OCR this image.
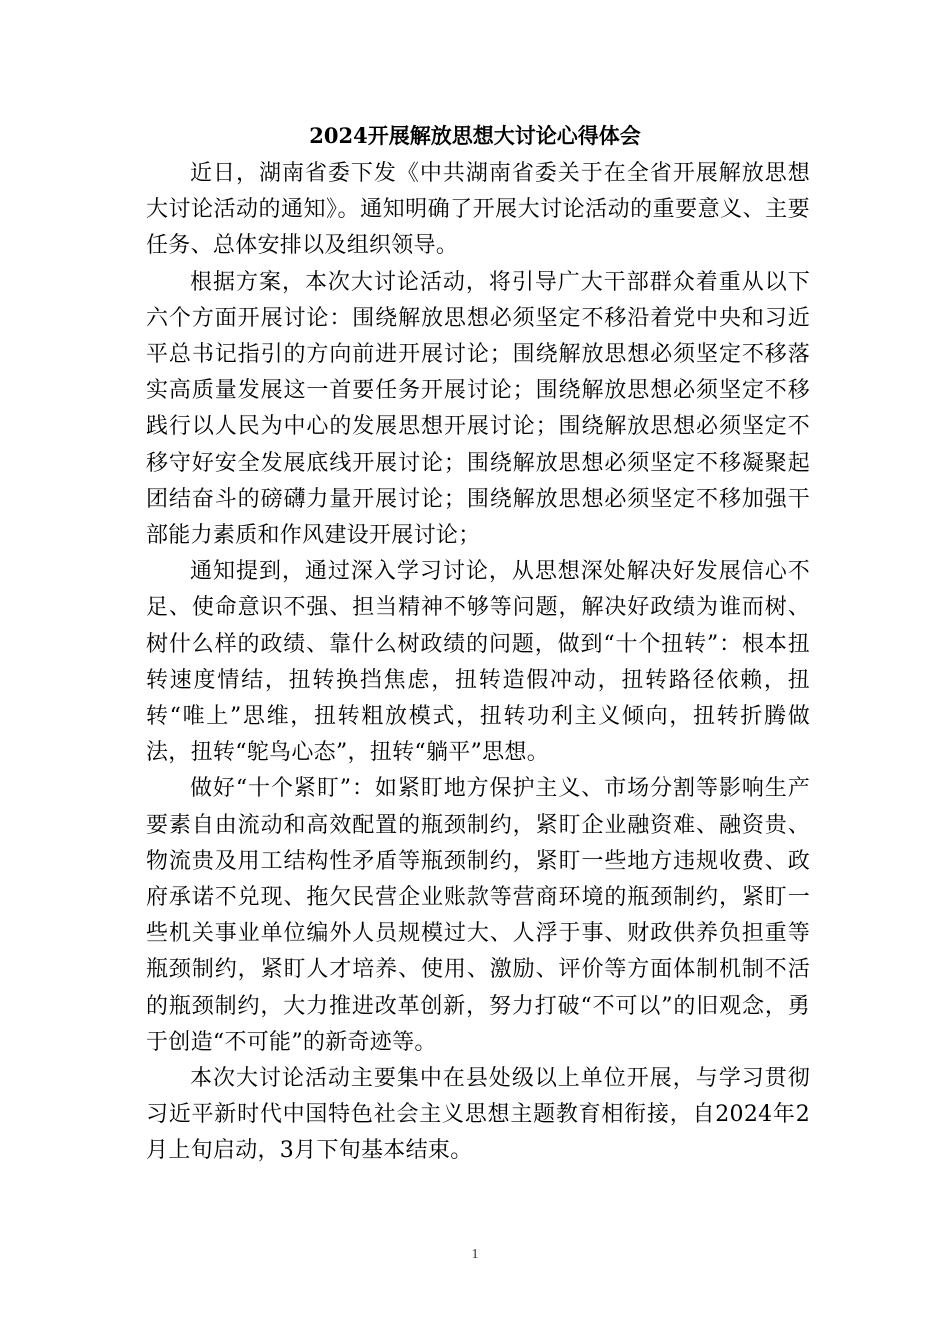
2024开展解放思想大讨论心得体会

近日，湖南省委下发《中共湖南省委关于在全省开展解放思想大讨论活动的通知》。通知明确了开展大讨论活动的重要意义、主要任务、总体安排以及组织领导。

根据方案，本次大讨论活动，将引导广大干部群众着重从以下六个方面开展讨论：围绕解放思想必须坚定不移沿着党中央和习近平总书记指引的方向前进开展讨论；围绕解放思想必须坚定不移落实高质量发展这一首要任务开展讨论；围绕解放思想必须坚定不移践行以人民为中心的发展思想开展讨论；围绕解放思想必须坚定不移守好安全发展底线开展讨论；围绕解放思想必须坚定不移凝聚起团结奋斗的磅礴力量开展讨论；围绕解放思想必须坚定不移加强干部能力素质和作风建设开展讨论；

通知提到，通过深入学习讨论，从思想深处解决好发展信心不足、使命意识不强、担当精神不够等问题，解决好政绩为谁而树、树什么样的政绩、靠什么树政绩的问题，做到“十个扭转”：根本扭转速度情结，扭转换挡焦虑，扭转造假冲动，扭转路径依赖，扭转“唯上”思维，扭转粗放模式，扭转功利主义倾向，扭转折腾做法，扭转“鸵鸟心态”，扭转“躺平”思想。

做好“十个紧盯”：如紧盯地方保护主义、市场分割等影响生产要素自由流动和高效配置的瓶颈制约，紧盯企业融资难、融资贵、物流贵及用工结构性矛盾等瓶颈制约，紧盯一些地方违规收费、政府承诺不兑现、拖欠民营企业账款等营商环境的瓶颈制约，紧盯一些机关事业单位编外人员规模过大、人浮于事、财政供养负担重等瓶颈制约，紧盯人才培养、使用、激励、评价等方面体制机制不活的瓶颈制约，大力推进改革创新，努力打破“不可以”的旧观念，勇于创造“不可能”的新奇迹等。

本次大讨论活动主要集中在县处级以上单位开展，与学习贯彻习近平新时代中国特色社会主义思想主题教育相衔接，自2024年2月上旬启动，3月下旬基本结束。

1
